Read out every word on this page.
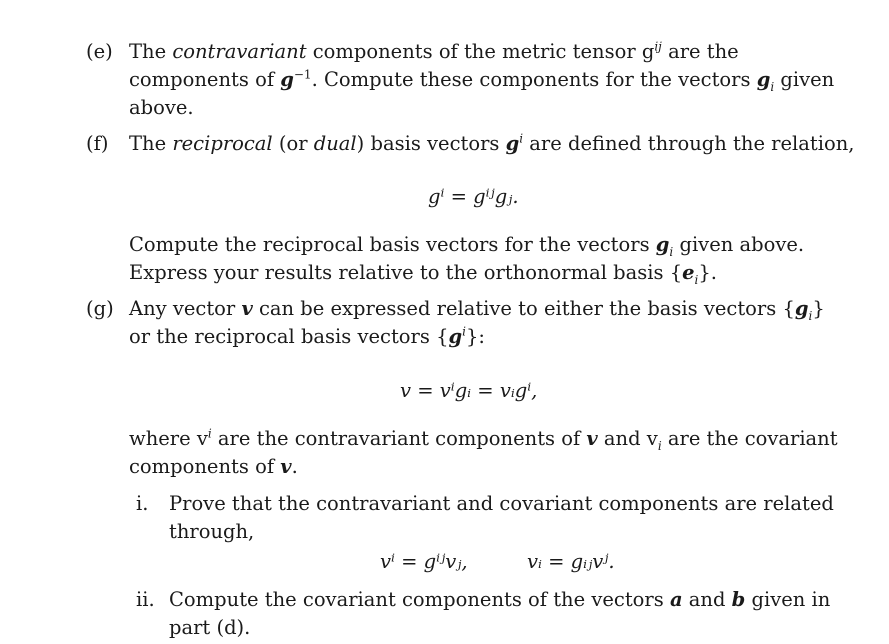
(e) The contravariant components of the metric tensor $g^{ij}$ are the
components of $g^{-1}$. Compute these components for the vectors $g_i$ given
above.
(f)	The reciprocal (or dual) basis vectors $g^i$ are defined through the relation,
gⁱ = gⁱʲgⱼ.
Compute the reciprocal basis vectors for the vectors $g_i$ given above.
Express your results relative to the orthonormal basis $\{e_i\}$.
(g) Any vector v can be expressed relative to either the basis vectors $\{g_i\}$
or the reciprocal basis vectors $\{g^i\}$:
v = vⁱgᵢ = vᵢgⁱ,
where $v^i$ are the contravariant components of v and $v_i$ are the covariant
components of v.
i. Prove that the contravariant and covariant components are related
through,
vⁱ = gⁱʲvⱼ,	vᵢ = gᵢⱼvʲ.
ii. Compute the covariant components of the vectors a and b given in
part (d).
